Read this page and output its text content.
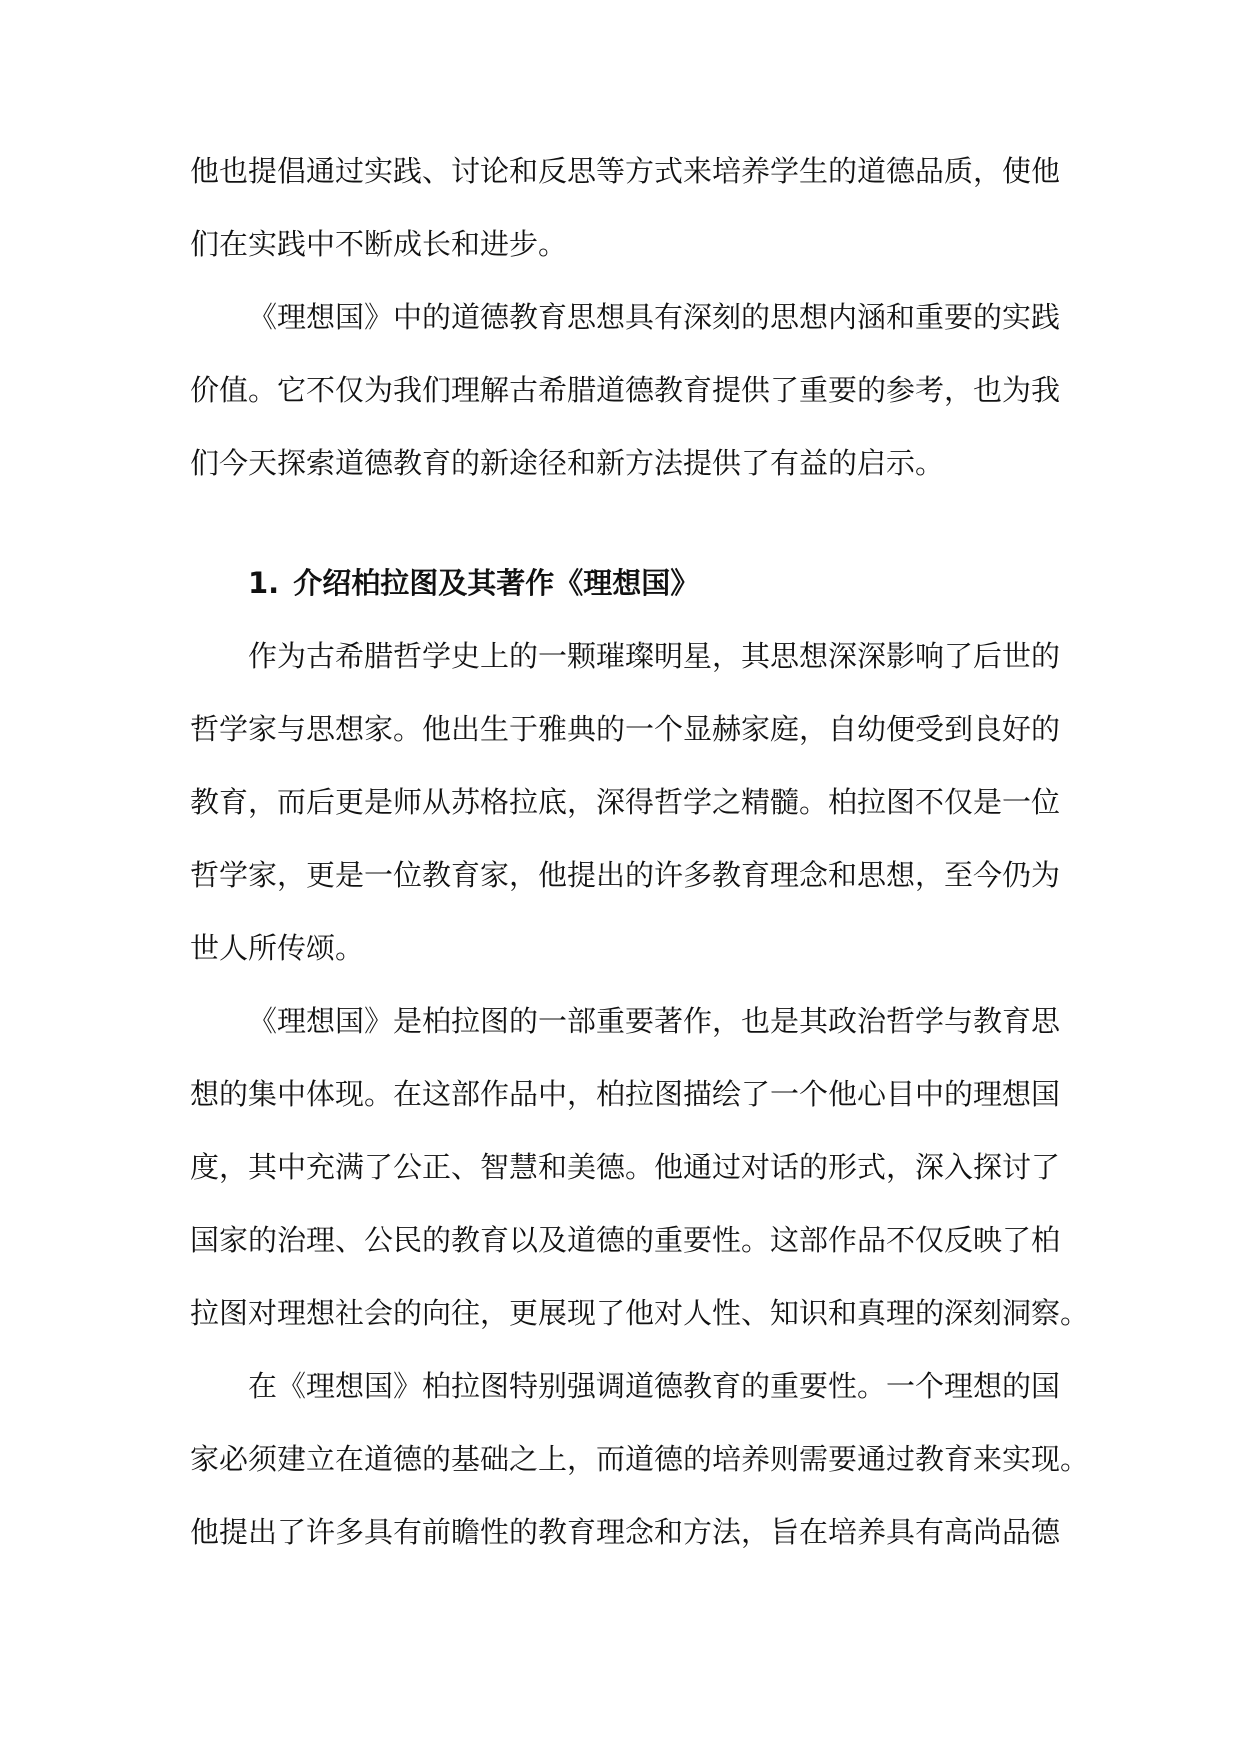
他也提倡通过实践、讨论和反思等方式来培养学生的道德品质，使他
们在实践中不断成长和进步。
《理想国》中的道德教育思想具有深刻的思想内涵和重要的实践
价值。它不仅为我们理解古希腊道德教育提供了重要的参考，也为我
们今天探索道德教育的新途径和新方法提供了有益的启示。
1. 介绍柏拉图及其著作《理想国》
作为古希腊哲学史上的一颗璀璨明星，其思想深深影响了后世的
哲学家与思想家。他出生于雅典的一个显赫家庭，自幼便受到良好的
教育，而后更是师从苏格拉底，深得哲学之精髓。柏拉图不仅是一位
哲学家，更是一位教育家，他提出的许多教育理念和思想，至今仍为
世人所传颂。
《理想国》是柏拉图的一部重要著作，也是其政治哲学与教育思
想的集中体现。在这部作品中，柏拉图描绘了一个他心目中的理想国
度，其中充满了公正、智慧和美德。他通过对话的形式，深入探讨了
国家的治理、公民的教育以及道德的重要性。这部作品不仅反映了柏
拉图对理想社会的向往，更展现了他对人性、知识和真理的深刻洞察。
在《理想国》柏拉图特别强调道德教育的重要性。一个理想的国
家必须建立在道德的基础之上，而道德的培养则需要通过教育来实现。
他提出了许多具有前瞻性的教育理念和方法，旨在培养具有高尚品德
